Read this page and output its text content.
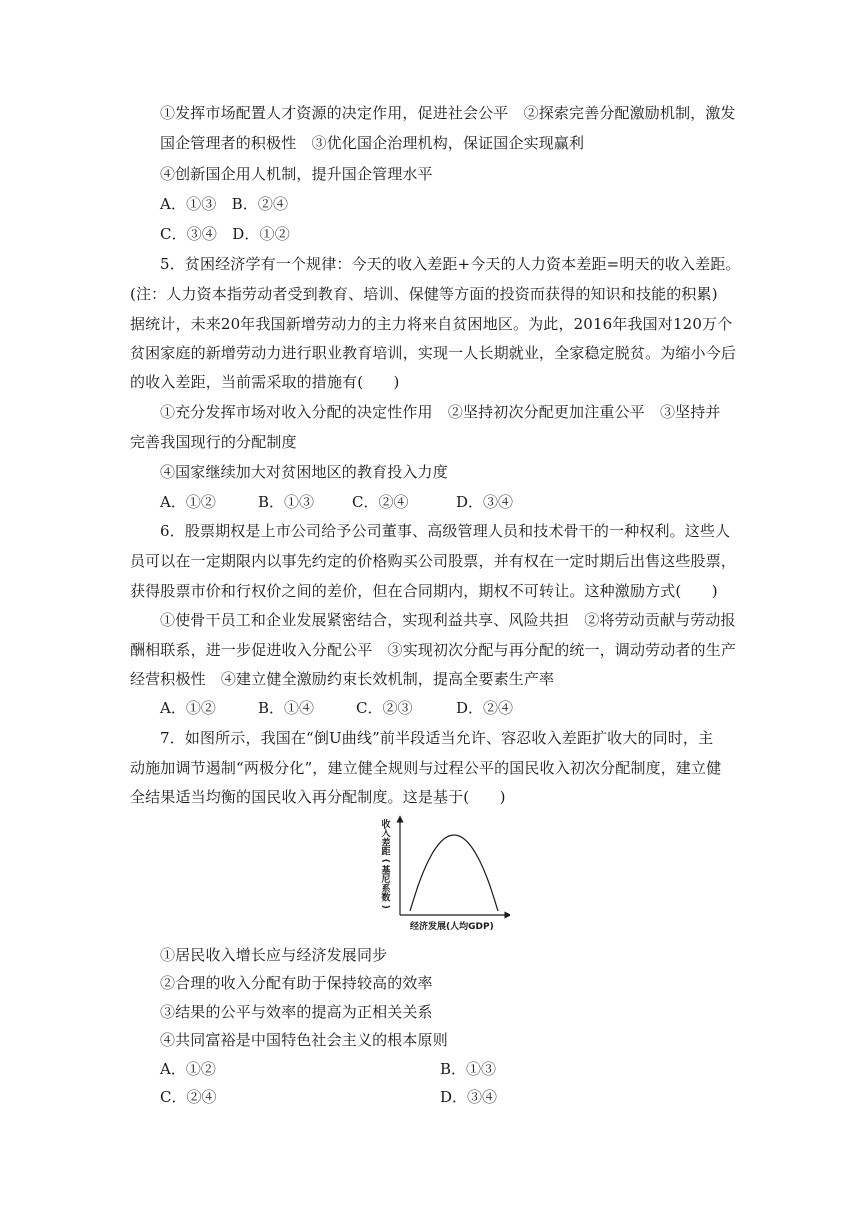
①发挥市场配置人才资源的决定作用，促进社会公平　②探索完善分配激励机制，激发
国企管理者的积极性　③优化国企治理机构，保证国企实现赢利
④创新国企用人机制，提升国企管理水平
A．①③　B．②④
C．③④　D．①②
5．贫困经济学有一个规律：今天的收入差距+今天的人力资本差距=明天的收入差距。
(注：人力资本指劳动者受到教育、培训、保健等方面的投资而获得的知识和技能的积累)
据统计，未来20年我国新增劳动力的主力将来自贫困地区。为此，2016年我国对120万个
贫困家庭的新增劳动力进行职业教育培训，实现一人长期就业，全家稳定脱贫。为缩小今后
的收入差距，当前需采取的措施有(　　)
①充分发挥市场对收入分配的决定性作用　②坚持初次分配更加注重公平　③坚持并
完善我国现行的分配制度
④国家继续加大对贫困地区的教育投入力度
A．①②	B．①③	C．②④	D．③④
6．股票期权是上市公司给予公司董事、高级管理人员和技术骨干的一种权利。这些人
员可以在一定期限内以事先约定的价格购买公司股票，并有权在一定时期后出售这些股票，
获得股票市价和行权价之间的差价，但在合同期内，期权不可转让。这种激励方式(　　)
①使骨干员工和企业发展紧密结合，实现利益共享、风险共担　②将劳动贡献与劳动报
酬相联系，进一步促进收入分配公平　③实现初次分配与再分配的统一，调动劳动者的生产
经营积极性　④建立健全激励约束长效机制，提高全要素生产率
A．①②	B．①④	C．②③	D．②④
7．如图所示，我国在“倒U曲线”前半段适当允许、容忍收入差距扩收大的同时，主
动施加调节遏制“两极分化”，建立健全规则与过程公平的国民收入初次分配制度，建立健
全结果适当均衡的国民收入再分配制度。这是基于(　　)
收
入
差
距
(
基
尼
系
数
)
经济发展(人均GDP)
①居民收入增长应与经济发展同步
②合理的收入分配有助于保持较高的效率
③结果的公平与效率的提高为正相关关系
④共同富裕是中国特色社会主义的根本原则
A．①②	B．①③
C．②④	D．③④
